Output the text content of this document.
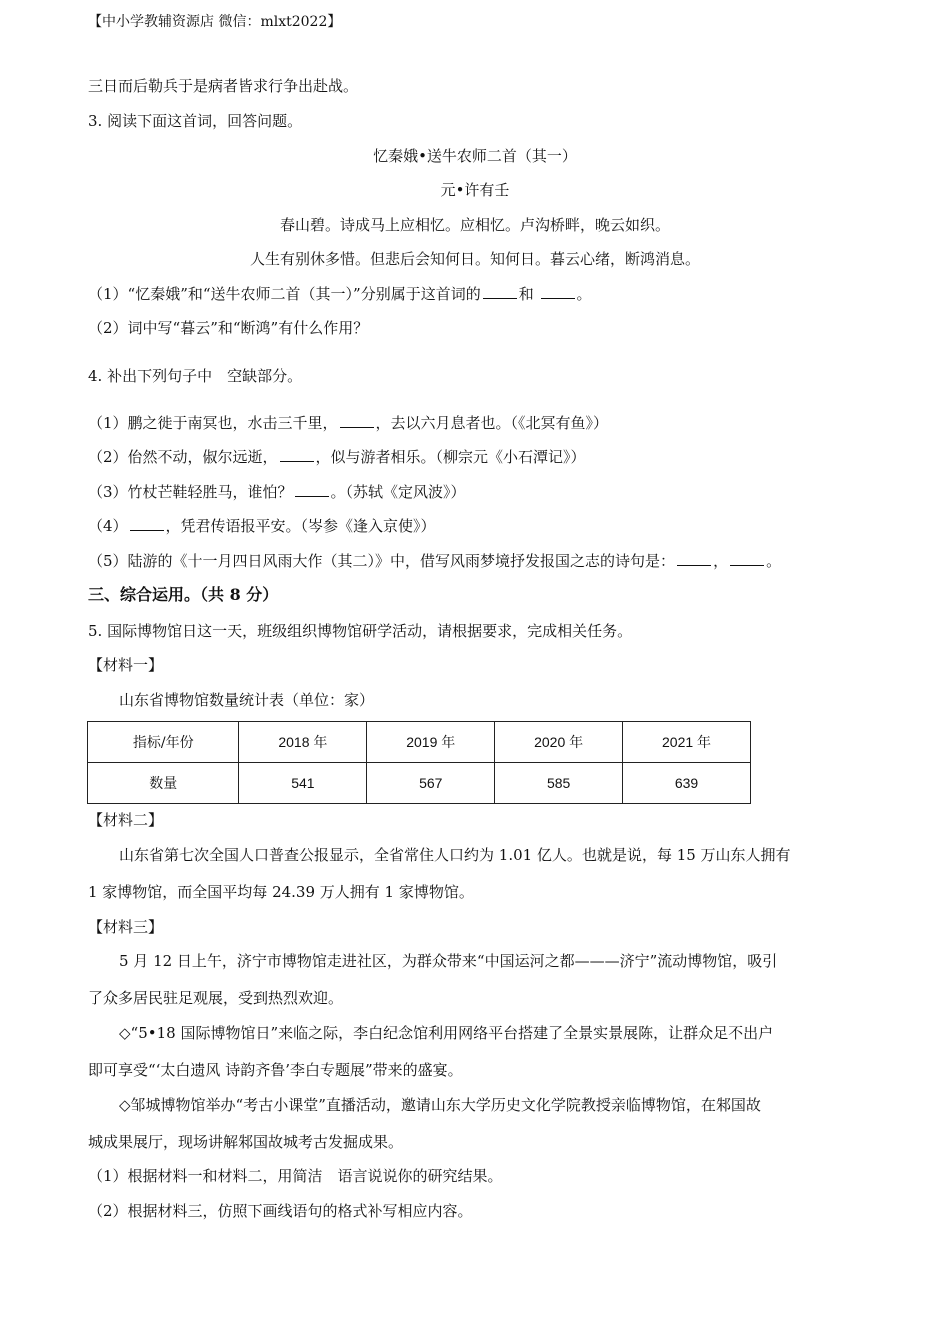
【中小学教辅资源店 微信：mlxt2022】
三日而后勒兵于是病者皆求行争出赴战。
3. 阅读下面这首词，回答问题。
忆秦娥•送牛农师二首（其一）
元•许有壬
春山碧。诗成马上应相忆。应相忆。卢沟桥畔，晚云如织。
人生有别休多惜。但悲后会知何日。知何日。暮云心绪，断鸿消息。
（1）“忆秦娥”和“送牛农师二首（其一）”分别属于这首词的	和	。
（2）词中写“暮云”和“断鸿”有什么作用？
4. 补出下列句子中　空缺部分。
（1）鹏之徙于南冥也，水击三千里，	，去以六月息者也。（《北冥有鱼》）
（2）佁然不动，俶尔远逝，	，似与游者相乐。（柳宗元《小石潭记》）
（3）竹杖芒鞋轻胜马，谁怕？	。（苏轼《定风波》）
（4）	，凭君传语报平安。（岑参《逢入京使》）
（5）陆游的《十一月四日风雨大作（其二）》中，借写风雨梦境抒发报国之志的诗句是：	，	。
三、综合运用。（共 8 分）
5. 国际博物馆日这一天，班级组织博物馆研学活动，请根据要求，完成相关任务。
【材料一】
山东省博物馆数量统计表（单位：家）
指标/年份	2018 年	2019 年	2020 年	2021 年
数量	541	567	585	639
【材料二】
山东省第七次全国人口普查公报显示，全省常住人口约为 1.01 亿人。也就是说，每 15 万山东人拥有
1 家博物馆，而全国平均每 24.39 万人拥有 1 家博物馆。
【材料三】
5 月 12 日上午，济宁市博物馆走进社区，为群众带来“中国运河之都———济宁”流动博物馆，吸引
了众多居民驻足观展，受到热烈欢迎。
◇“5•18 国际博物馆日”来临之际，李白纪念馆利用网络平台搭建了全景实景展陈，让群众足不出户
即可享受“‘太白遗风 诗韵齐鲁’李白专题展”带来的盛宴。
◇邹城博物馆举办“考古小课堂”直播活动，邀请山东大学历史文化学院教授亲临博物馆，在邾国故
城成果展厅，现场讲解邾国故城考古发掘成果。
（1）根据材料一和材料二，用简洁　语言说说你的研究结果。
（2）根据材料三，仿照下画线语句的格式补写相应内容。
